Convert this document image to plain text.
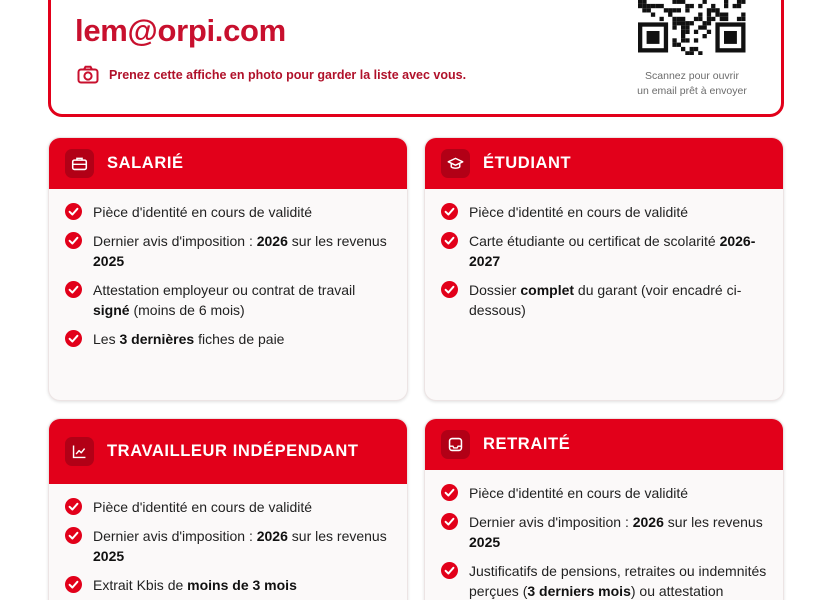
lem@orpi.com
Prenez cette affiche en photo pour garder la liste avec vous.	Scannez pour ouvrir
un email prêt à envoyer
SALARIÉ
Pièce d'identité en cours de validité
Dernier avis d'imposition : 2026 sur les revenus 2025
Attestation employeur ou contrat de travail signé (moins de 6 mois)
Les 3 dernières fiches de paie
ÉTUDIANT
Pièce d'identité en cours de validité
Carte étudiante ou certificat de scolarité 2026-2027
Dossier complet du garant (voir encadré ci-dessous)
TRAVAILLEUR INDÉPENDANT
Pièce d'identité en cours de validité
Dernier avis d'imposition : 2026 sur les revenus 2025
Extrait Kbis de moins de 3 mois
RETRAITÉ
Pièce d'identité en cours de validité
Dernier avis d'imposition : 2026 sur les revenus 2025
Justificatifs de pensions, retraites ou indemnités perçues (3 derniers mois) ou attestation
